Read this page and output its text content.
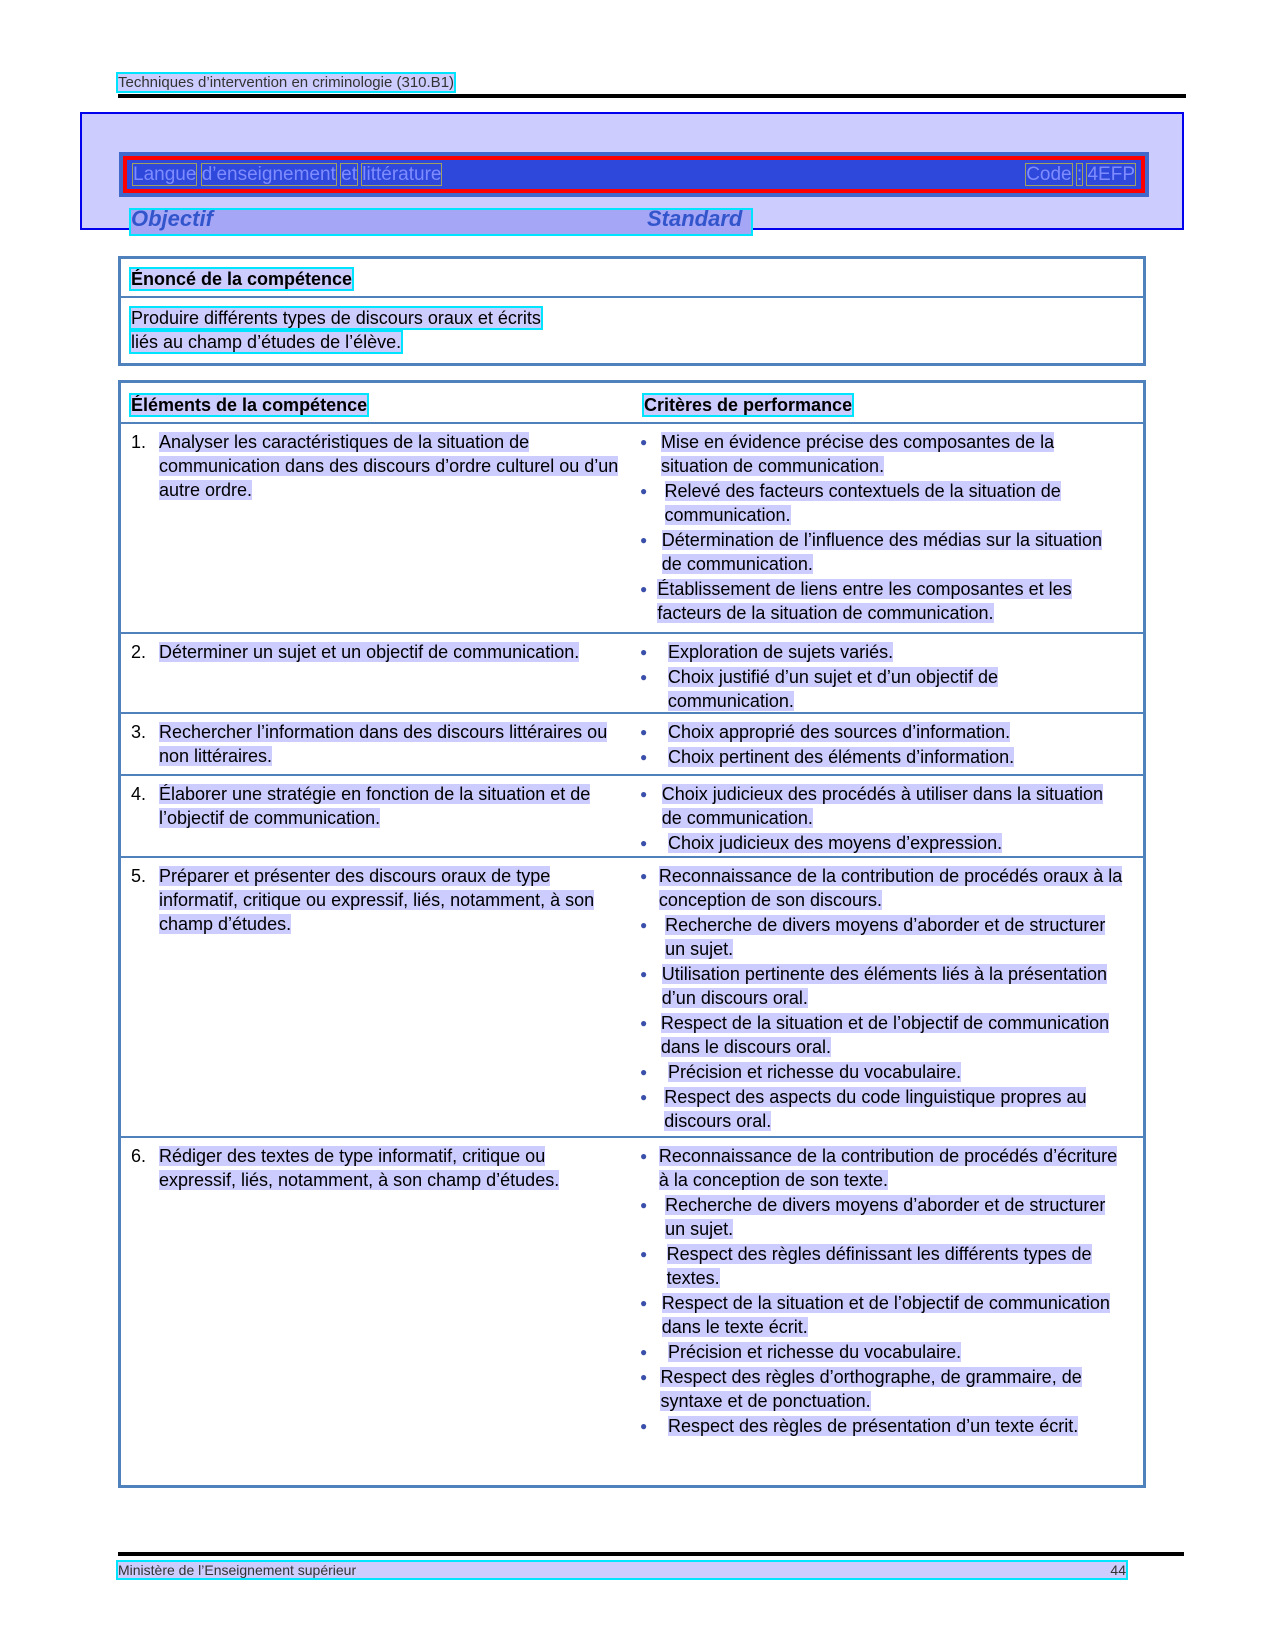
Techniques d’intervention en criminologie (310.B1)
Langue d’enseignement et littérature	Code : 4EFP
Objectif	Standard
Énoncé de la compétence
Produire différents types de discours oraux et écrits
liés au champ d’études de l’élève.
Éléments de la compétence	Critères de performance
1. Analyser les caractéristiques de la situation de communication dans des discours d’ordre culturel ou d’un autre ordre.
● Mise en évidence précise des composantes de la situation de communication.
● Relevé des facteurs contextuels de la situation de communication.
● Détermination de l’influence des médias sur la situation de communication.
● Établissement de liens entre les composantes et les facteurs de la situation de communication.
2. Déterminer un sujet et un objectif de communication.	●	Exploration de sujets variés.
●	Choix justifié d’un sujet et d’un objectif de communication.
3. Rechercher l’information dans des discours littéraires ou non littéraires.
●	Choix approprié des sources d’information.
●	Choix pertinent des éléments d’information.
4. Élaborer une stratégie en fonction de la situation et de l’objectif de communication.
● Choix judicieux des procédés à utiliser dans la situation de communication.
●	Choix judicieux des moyens d’expression.
5. Préparer et présenter des discours oraux de type informatif, critique ou expressif, liés, notamment, à son champ d’études.
● Reconnaissance de la contribution de procédés oraux à la conception de son discours.
● Recherche de divers moyens d’aborder et de structurer un sujet.
● Utilisation pertinente des éléments liés à la présentation d’un discours oral.
● Respect de la situation et de l’objectif de communication dans le discours oral.
●	Précision et richesse du vocabulaire.
● Respect des aspects du code linguistique propres au discours oral.
6. Rédiger des textes de type informatif, critique ou expressif, liés, notamment, à son champ d’études.
● Reconnaissance de la contribution de procédés d’écriture à la conception de son texte.
● Recherche de divers moyens d’aborder et de structurer un sujet.
●	Respect des règles définissant les différents types de textes.
● Respect de la situation et de l’objectif de communication dans le texte écrit.
●	Précision et richesse du vocabulaire.
● Respect des règles d’orthographe, de grammaire, de syntaxe et de ponctuation.
●	Respect des règles de présentation d’un texte écrit.
Ministère de l’Enseignement supérieur	44
